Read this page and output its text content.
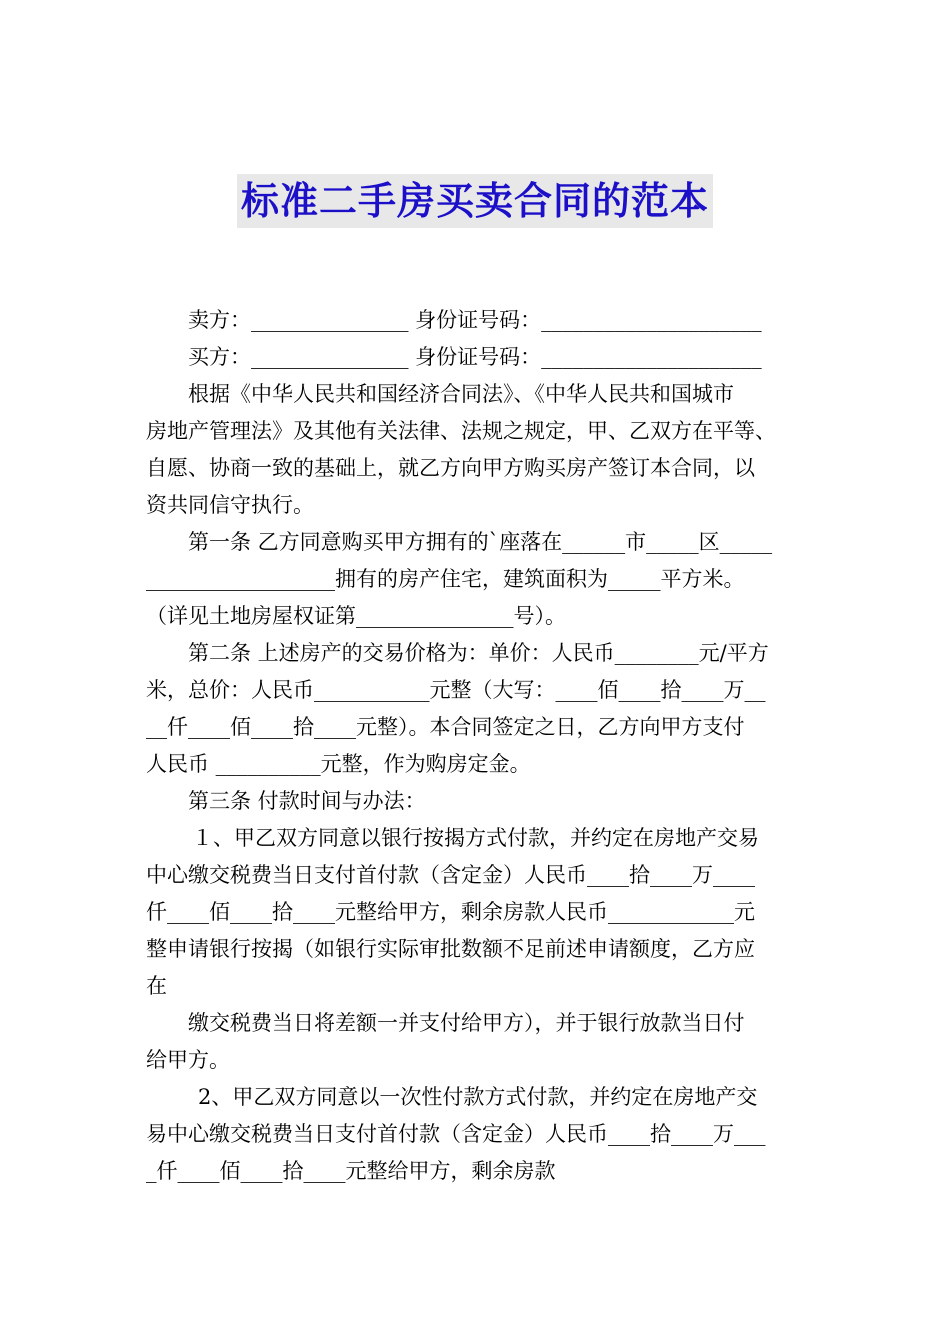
标准二手房买卖合同的范本
卖方：_______________ 身份证号码：_____________________
买方：_______________ 身份证号码：_____________________
根据《中华人民共和国经济合同法》、《中华人民共和国城市
房地产管理法》及其他有关法律、法规之规定，甲、乙双方在平等、
自愿、协商一致的基础上，就乙方向甲方购买房产签订本合同，以
资共同信守执行。
第一条 乙方同意购买甲方拥有的`座落在______市_____区_____
__________________拥有的房产住宅，建筑面积为_____平方米。
（详见土地房屋权证第_______________号）。
第二条 上述房产的交易价格为：单价：人民币________元/平方
米，总价：人民币___________元整（大写：____佰____拾____万__
__仟____佰____拾____元整）。本合同签定之日，乙方向甲方支付
人民币 __________元整，作为购房定金。
第三条 付款时间与办法：
１、甲乙双方同意以银行按揭方式付款，并约定在房地产交易
中心缴交税费当日支付首付款（含定金）人民币____拾____万____
仟____佰____拾____元整给甲方，剩余房款人民币____________元
整申请银行按揭（如银行实际审批数额不足前述申请额度，乙方应
在
缴交税费当日将差额一并支付给甲方），并于银行放款当日付
给甲方。
2、甲乙双方同意以一次性付款方式付款，并约定在房地产交
易中心缴交税费当日支付首付款（含定金）人民币____拾____万___
_仟____佰____拾____元整给甲方，剩余房款
